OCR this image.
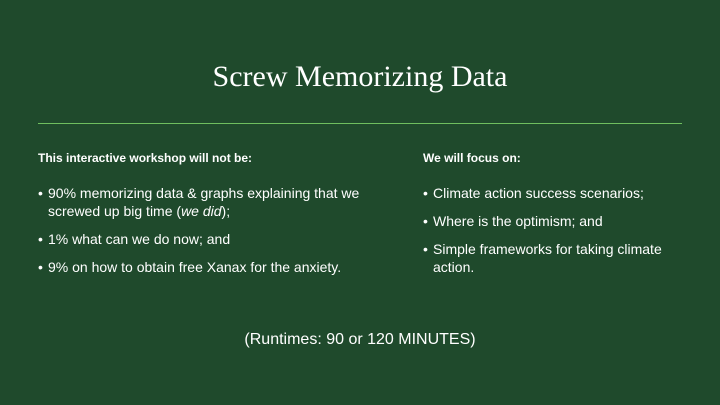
Screw Memorizing Data

This interactive workshop will not be:

• 90% memorizing data & graphs explaining that we screwed up big time (we did);
• 1% what can we do now; and
• 9% on how to obtain free Xanax for the anxiety.

We will focus on:

• Climate action success scenarios;
• Where is the optimism; and
• Simple frameworks for taking climate action.
(Runtimes: 90 or 120 MINUTES)
